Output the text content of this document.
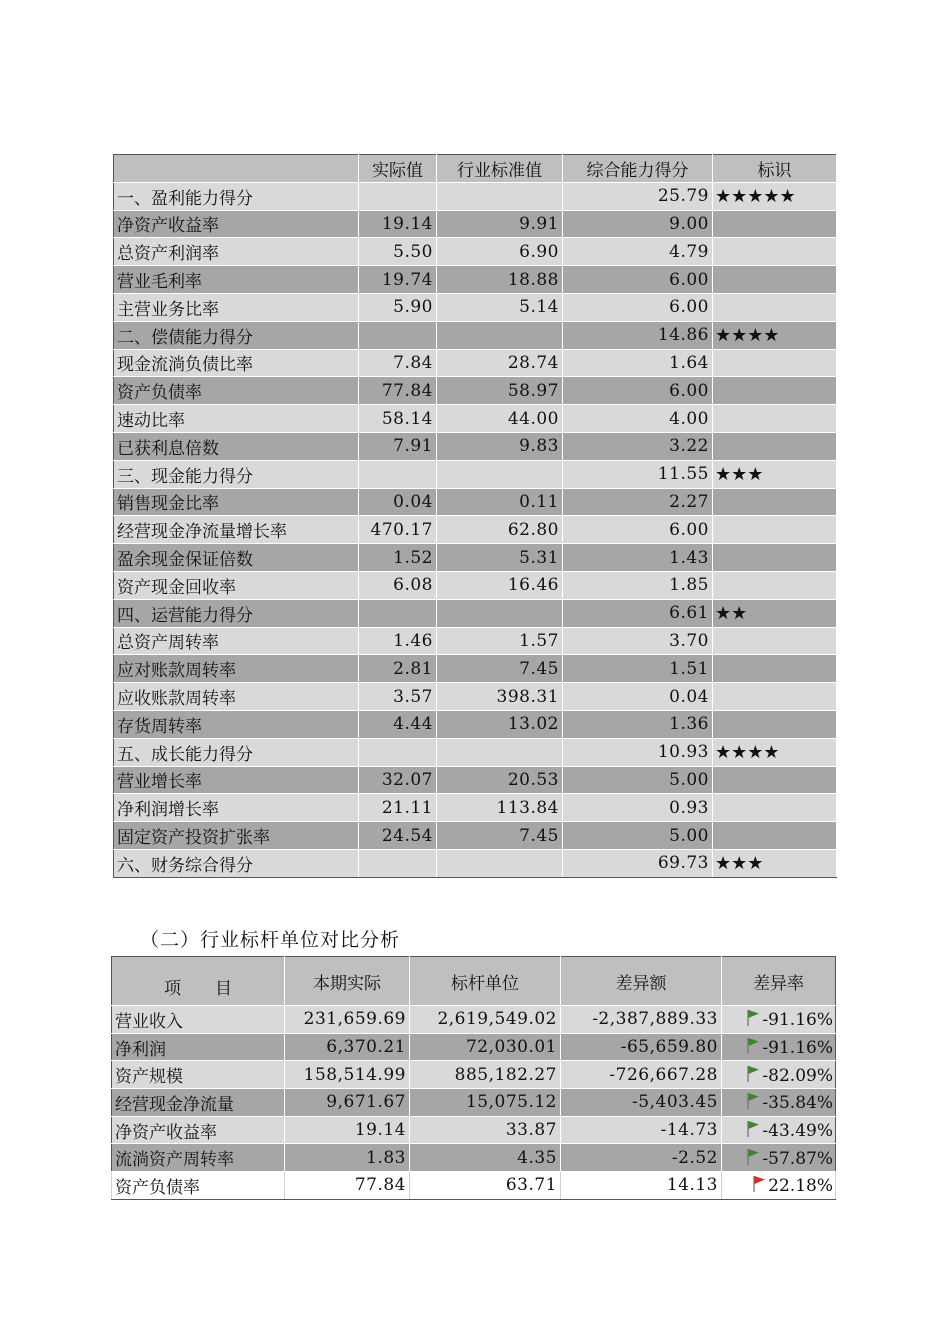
	实际值	行业标准值	综合能力得分	标识
一、盈利能力得分			25.79	★★★★★
净资产收益率	19.14	9.91	9.00	
总资产利润率	5.50	6.90	4.79	
营业毛利率	19.74	18.88	6.00	
主营业务比率	5.90	5.14	6.00	
二、偿债能力得分			14.86	★★★★
现金流淌负债比率	7.84	28.74	1.64	
资产负债率	77.84	58.97	6.00	
速动比率	58.14	44.00	4.00	
已获利息倍数	7.91	9.83	3.22	
三、现金能力得分			11.55	★★★
销售现金比率	0.04	0.11	2.27	
经营现金净流量增长率	470.17	62.80	6.00	
盈余现金保证倍数	1.52	5.31	1.43	
资产现金回收率	6.08	16.46	1.85	
四、运营能力得分			6.61	★★
总资产周转率	1.46	1.57	3.70	
应对账款周转率	2.81	7.45	1.51	
应收账款周转率	3.57	398.31	0.04	
存货周转率	4.44	13.02	1.36	
五、成长能力得分			10.93	★★★★
营业增长率	32.07	20.53	5.00	
净利润增长率	21.11	113.84	0.93	
固定资产投资扩张率	24.54	7.45	5.00	
六、财务综合得分			69.73	★★★
（二）行业标杆单位对比分析
项　　目	本期实际	标杆单位	差异额	差异率
营业收入	231,659.69	2,619,549.02	-2,387,889.33	-91.16%
净利润	6,370.21	72,030.01	-65,659.80	-91.16%
资产规模	158,514.99	885,182.27	-726,667.28	-82.09%
经营现金净流量	9,671.67	15,075.12	-5,403.45	-35.84%
净资产收益率	19.14	33.87	-14.73	-43.49%
流淌资产周转率	1.83	4.35	-2.52	-57.87%
资产负债率	77.84	63.71	14.13	22.18%
